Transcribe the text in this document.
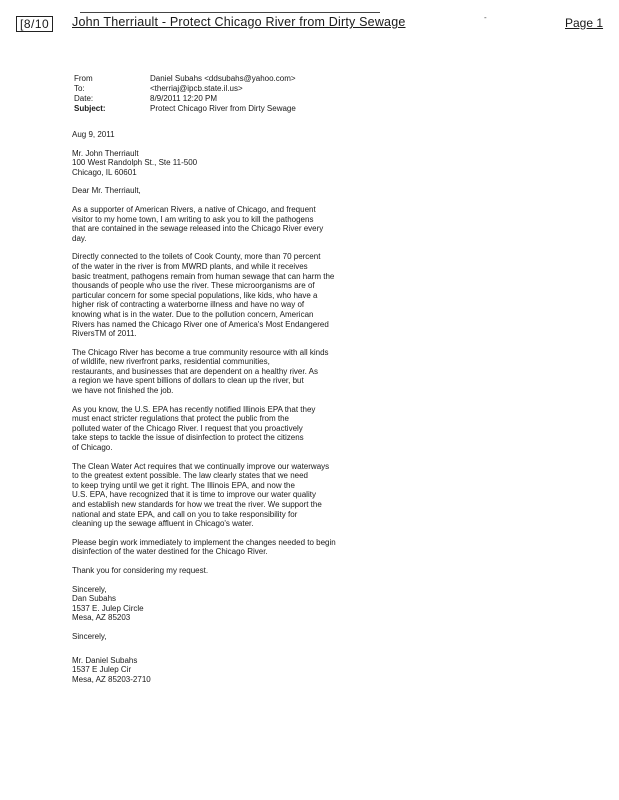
-
[8/10	John Therriault - Protect Chicago River from Dirty Sewage	Page 1
From	Daniel Subahs <ddsubahs@yahoo.com>
To:	<therriaj@ipcb.state.il.us>
Date:	8/9/2011 12:20 PM
Subject:	Protect Chicago River from Dirty Sewage

Aug 9, 2011

Mr. John Therriault
100 West Randolph St., Ste 11-500
Chicago, IL 60601

Dear Mr. Therriault,

As a supporter of American Rivers, a native of Chicago, and frequent
visitor to my home town, I am writing to ask you to kill the pathogens
that are contained in the sewage released into the Chicago River every
day.

Directly connected to the toilets of Cook County, more than 70 percent
of the water in the river is from MWRD plants, and while it receives
basic treatment, pathogens remain from human sewage that can harm the
thousands of people who use the river. These microorganisms are of
particular concern for some special populations, like kids, who have a
higher risk of contracting a waterborne illness and have no way of
knowing what is in the water. Due to the pollution concern, American
Rivers has named the Chicago River one of America's Most Endangered
RiversTM of 2011.

The Chicago River has become a true community resource with all kinds
of wildlife, new riverfront parks, residential communities,
restaurants, and businesses that are dependent on a healthy river. As
a region we have spent billions of dollars to clean up the river, but
we have not finished the job.

As you know, the U.S. EPA has recently notified Illinois EPA that they
must enact stricter regulations that protect the public from the
polluted water of the Chicago River. I request that you proactively
take steps to tackle the issue of disinfection to protect the citizens
of Chicago.

The Clean Water Act requires that we continually improve our waterways
to the greatest extent possible. The law clearly states that we need
to keep trying until we get it right. The Illinois EPA, and now the
U.S. EPA, have recognized that it is time to improve our water quality
and establish new standards for how we treat the river. We support the
national and state EPA, and call on you to take responsibility for
cleaning up the sewage affluent in Chicago's water.

Please begin work immediately to implement the changes needed to begin
disinfection of the water destined for the Chicago River.

Thank you for considering my request.

Sincerely,

Dan Subahs
1537 E. Julep Circle
Mesa, AZ 85203

Sincerely,

Mr. Daniel Subahs
1537 E Julep Cir
Mesa, AZ 85203-2710
